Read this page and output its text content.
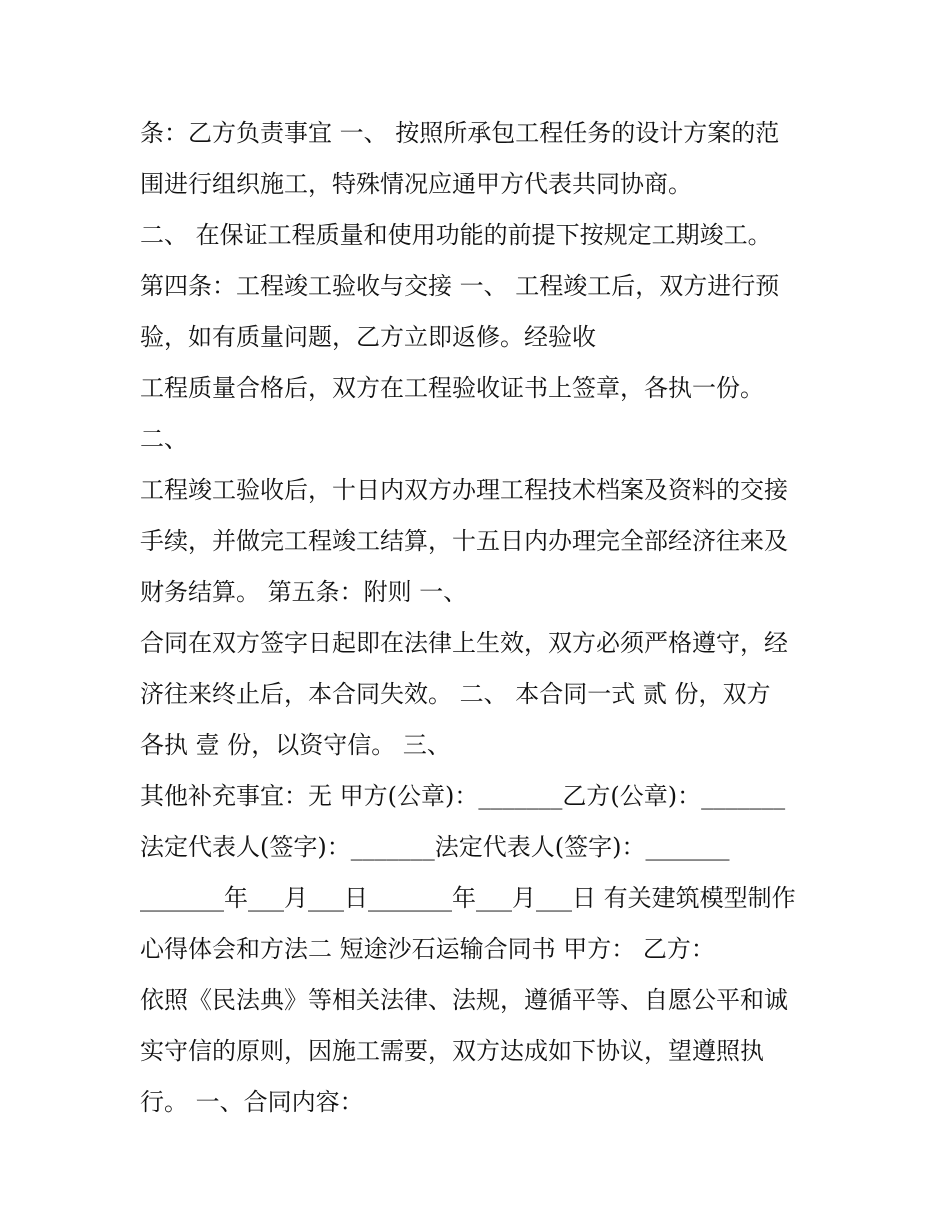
条：乙方负责事宜 一、 按照所承包工程任务的设计方案的范
围进行组织施工，特殊情况应通甲方代表共同协商。
二、 在保证工程质量和使用功能的前提下按规定工期竣工。
第四条：工程竣工验收与交接 一、 工程竣工后，双方进行预
验，如有质量问题，乙方立即返修。经验收
工程质量合格后，双方在工程验收证书上签章，各执一份。
二、
工程竣工验收后，十日内双方办理工程技术档案及资料的交接
手续，并做完工程竣工结算，十五日内办理完全部经济往来及
财务结算。 第五条：附则 一、
合同在双方签字日起即在法律上生效，双方必须严格遵守，经
济往来终止后，本合同失效。 二、 本合同一式 贰 份，双方
各执 壹 份，以资守信。 三、
其他补充事宜：无 甲方(公章)：_______乙方(公章)：_______
法定代表人(签字)：_______法定代表人(签字)：_______
_______年___月___日_______年___月___日 有关建筑模型制作
心得体会和方法二 短途沙石运输合同书 甲方： 乙方：
依照《民法典》等相关法律、法规，遵循平等、自愿公平和诚
实守信的原则，因施工需要，双方达成如下协议，望遵照执
行。 一、合同内容：
